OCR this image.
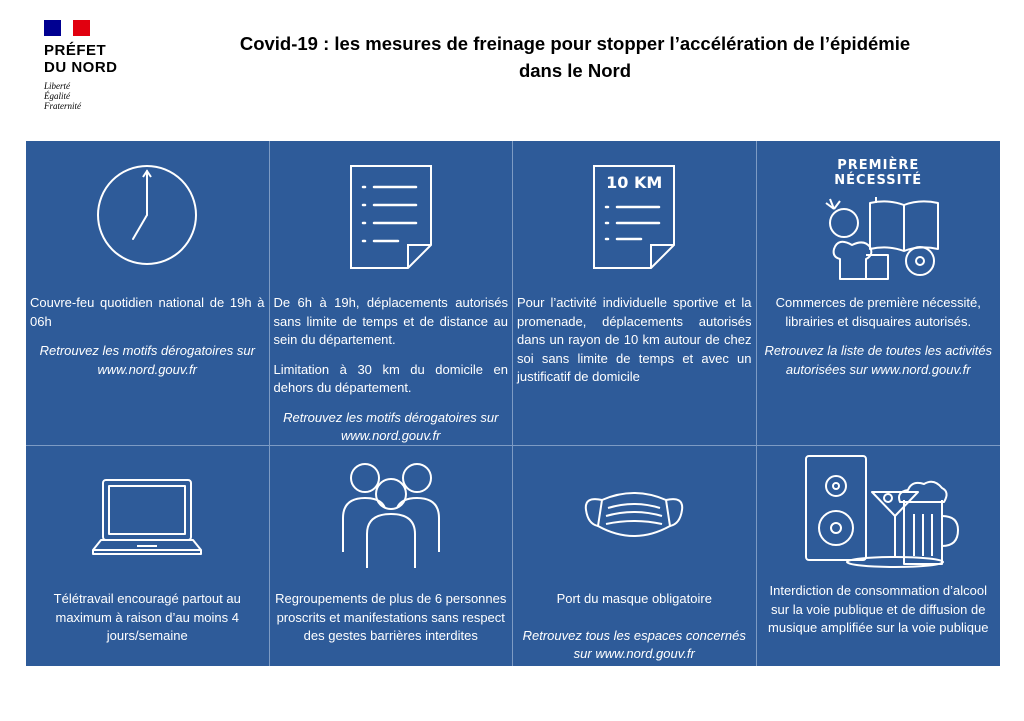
PRÉFET
DU NORD
Liberté
Égalité
Fraternité
Covid-19 : les mesures de freinage pour stopper l’accélération de l’épidémie
dans le Nord

Couvre-feu quotidien national de 19h à 06h

Retrouvez les motifs dérogatoires sur www.nord.gouv.fr

De 6h à 19h, déplacements autorisés sans limite de temps et de distance au sein du département.

Limitation à 30 km du domicile en dehors du département.

Retrouvez les motifs dérogatoires sur www.nord.gouv.fr

10 KM

Pour l’activité individuelle sportive et la promenade, déplacements autorisés dans un rayon de 10 km autour de chez soi sans limite de temps et avec un justificatif de domicile

PREMIÈRE
NÉCESSITÉ

Commerces de première nécessité, librairies et disquaires autorisés.

Retrouvez la liste de toutes les activités autorisées sur www.nord.gouv.fr

Télétravail encouragé partout au maximum à raison d’au moins 4 jours/semaine

Regroupements de plus de 6 personnes proscrits et manifestations sans respect des gestes barrières interdites

Port du masque obligatoire

Retrouvez tous les espaces concernés sur www.nord.gouv.fr

Interdiction de consommation d’alcool sur la voie publique et de diffusion de musique amplifiée sur la voie publique
